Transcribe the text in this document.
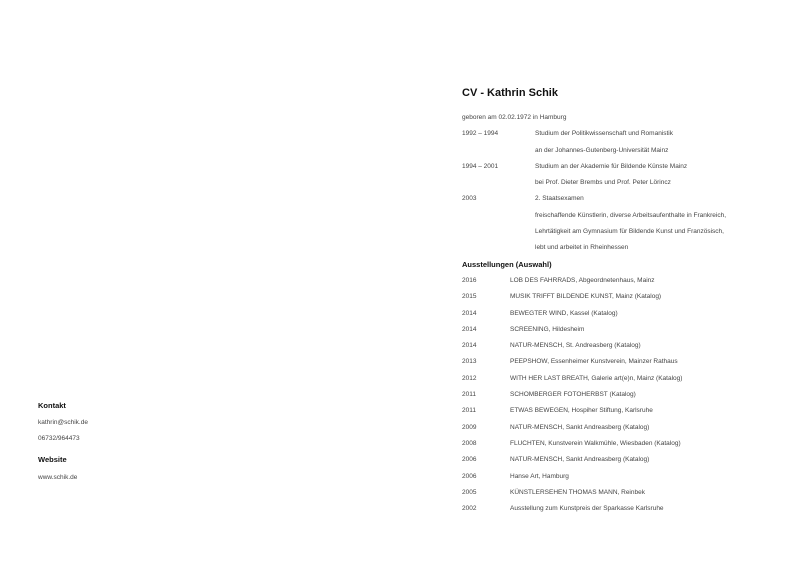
Kontakt
kathrin@schik.de
06732/964473
Website
www.schik.de
CV - Kathrin Schik
geboren am 02.02.1972 in Hamburg
1992 – 1994	Studium der Politikwissenschaft und Romanistik
an der Johannes-Gutenberg-Universität Mainz
1994 – 2001	Studium an der Akademie für Bildende Künste Mainz
bei Prof. Dieter Brembs und Prof. Peter Lörincz
2003	2. Staatsexamen
freischaffende Künstlerin, diverse Arbeitsaufenthalte in Frankreich,
Lehrtätigkeit am Gymnasium für Bildende Kunst und Französisch,
lebt und arbeitet in Rheinhessen
Ausstellungen (Auswahl)
2016	LOB DES FAHRRADS, Abgeordnetenhaus, Mainz
2015	MUSIK TRIFFT BILDENDE KUNST, Mainz (Katalog)
2014	BEWEGTER WIND, Kassel (Katalog)
2014	SCREENING, Hildesheim
2014	NATUR-MENSCH, St. Andreasberg (Katalog)
2013	PEEPSHOW, Essenheimer Kunstverein, Mainzer Rathaus
2012	WITH HER LAST BREATH, Galerie art(e)n, Mainz (Katalog)
2011	SCHOMBERGER FOTOHERBST (Katalog)
2011	ETWAS BEWEGEN, Hospiher Stiftung, Karlsruhe
2009	NATUR-MENSCH, Sankt Andreasberg (Katalog)
2008	FLUCHTEN, Kunstverein Walkmühle, Wiesbaden (Katalog)
2006	NATUR-MENSCH, Sankt Andreasberg (Katalog)
2006	Hanse Art, Hamburg
2005	KÜNSTLERSEHEN THOMAS MANN, Reinbek
2002	Ausstellung zum Kunstpreis der Sparkasse Karlsruhe
